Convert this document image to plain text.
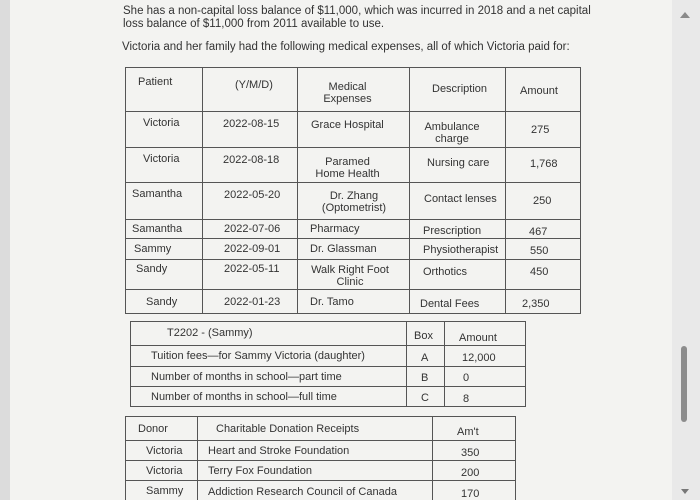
She has a non-capital loss balance of $11,000, which was incurred in 2018 and a net capital
loss balance of $11,000 from 2011 available to use.
Victoria and her family had the following medical expenses, all of which Victoria paid for:
Patient	(Y/M/D)	Medical Expenses	Description	Amount

Victoria	2022-08-15	Grace Hospital	Ambulance charge	275

Victoria	2022-08-18	Paramed Home Health	Nursing care	1,768

Samantha	2022-05-20	Dr. Zhang (Optometrist)	Contact lenses	250

Samantha	2022-07-06	Pharmacy	Prescription	467

Sammy	2022-09-01	Dr. Glassman	Physiotherapist	550

Sandy	2022-05-11	Walk Right Foot Clinic	Orthotics	450

Sandy	2022-01-23	Dr. Tamo	Dental Fees	2,350
T2202 - (Sammy)	Box	Amount

Tuition fees—for Sammy Victoria (daughter)	A	12,000

Number of months in school—part time	B	0

Number of months in school—full time	C	8
Donor	Charitable Donation Receipts	Am't

Victoria	Heart and Stroke Foundation	350

Victoria	Terry Fox Foundation	200

Sammy	Addiction Research Council of Canada	170
